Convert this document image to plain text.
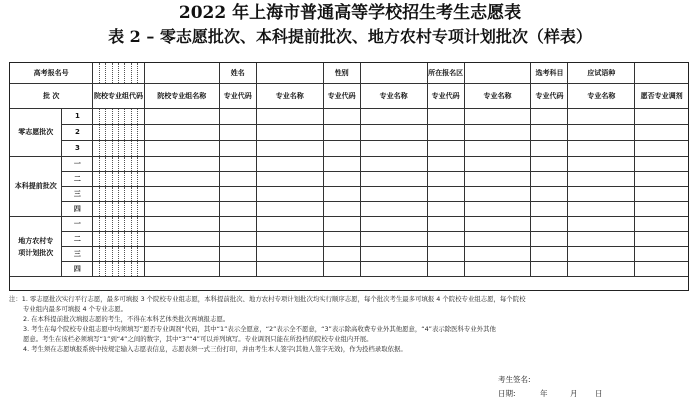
2022 年上海市普通高等学校招生考生志愿表
表 2 – 零志愿批次、本科提前批次、地方农村专项计划批次（样表）
高考报名号											姓名		性别		所在报名区		选考科目	应试语种	
批 次		院校专业组代码								院校专业组名称	专业代码	专业名称	专业代码	专业名称	专业代码	专业名称	专业代码	专业名称	愿否专业调剂
零志愿批次	1																		
	2																		
	3																		
本科提前批次	一																		
	二																		
	三																		
	四																		
地方农村专项计划批次	一																		
	二																		
	三																		
	四																		
注：1. 零志愿批次实行平行志愿，最多可填报 3 个院校专业组志愿，本科提前批次、地方农村专项计划批次均实行顺序志愿，每个批次考生最多可填报 4 个院校专业组志愿，每个院校
专业组内最多可填报 4 个专业志愿。
2. 在本科提前批次填报志愿的考生，不得在本科艺体类批次再填报志愿。
3. 考生在每个院校专业组志愿中均须填写“愿否专业调剂”代码，其中“1”表示全愿意，“2”表示全不愿意，“3”表示除高收费专业外其他愿意，“4”表示除医科专业外其他
愿意。考生在该栏必须填写“1”到“4”之间的数字，其中“3”“4”可以并列填写。专业调剂只能在所投档的院校专业组内开展。
4. 考生须在志愿填报系统中按规定输入志愿表信息，志愿表须一式三份打印，并由考生本人签字(其他人签字无效)，作为投档录取依据。
考生签名:
日期:	年	月 日
